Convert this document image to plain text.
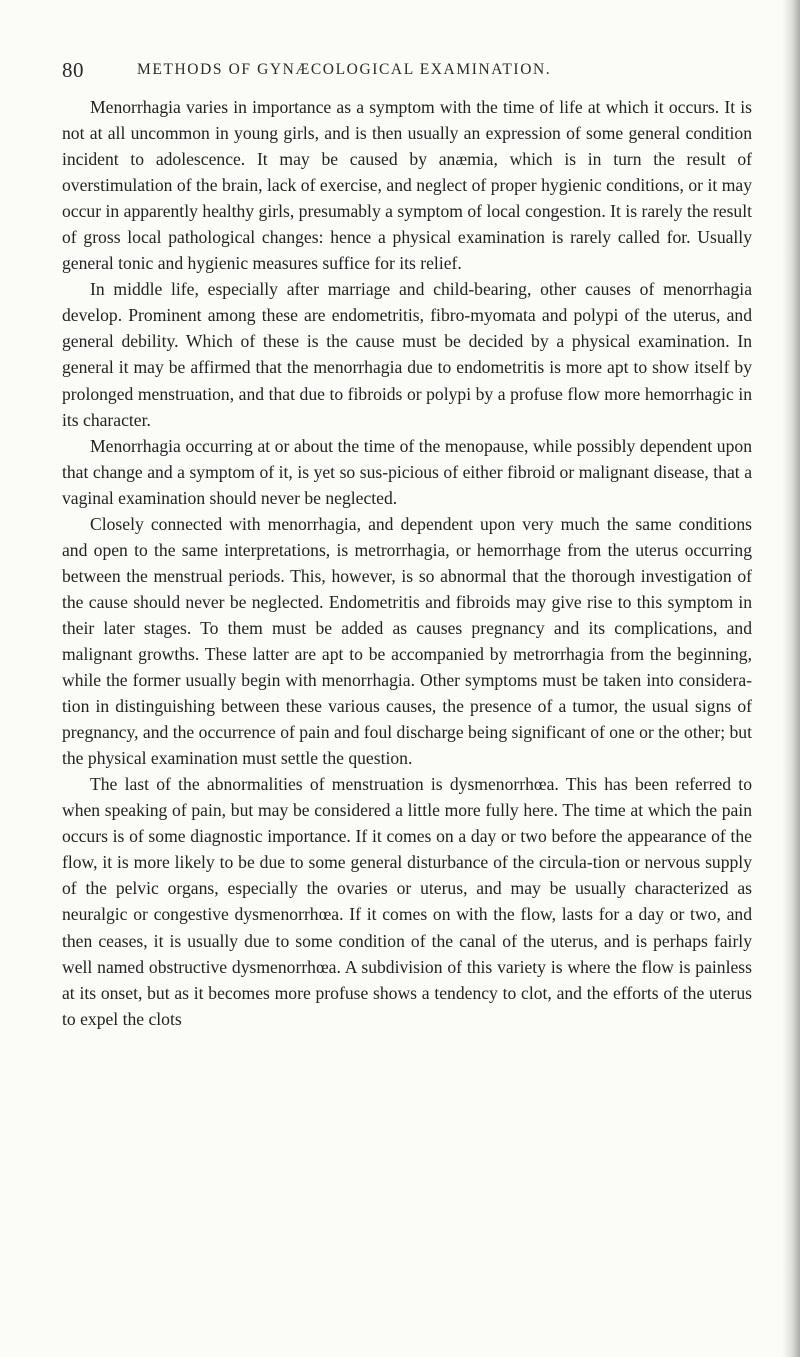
80	METHODS OF GYNÆCOLOGICAL EXAMINATION.

Menorrhagia varies in importance as a symptom with the time of life at which it occurs. It is not at all uncommon in young girls, and is then usually an expression of some general condition incident to adolescence. It may be caused by anæmia, which is in turn the result of overstimulation of the brain, lack of exercise, and neglect of proper hygienic conditions, or it may occur in apparently healthy girls, presumably a symptom of local congestion. It is rarely the result of gross local pathological changes: hence a physical examination is rarely called for. Usually general tonic and hygienic measures suffice for its relief.

In middle life, especially after marriage and child-bearing, other causes of menorrhagia develop. Prominent among these are endometritis, fibro-myomata and polypi of the uterus, and general debility. Which of these is the cause must be decided by a physical examination. In general it may be affirmed that the menorrhagia due to endometritis is more apt to show itself by prolonged menstruation, and that due to fibroids or polypi by a profuse flow more hemorrhagic in its character.

Menorrhagia occurring at or about the time of the menopause, while possibly dependent upon that change and a symptom of it, is yet so sus-picious of either fibroid or malignant disease, that a vaginal examination should never be neglected.

Closely connected with menorrhagia, and dependent upon very much the same conditions and open to the same interpretations, is metrorrhagia, or hemorrhage from the uterus occurring between the menstrual periods. This, however, is so abnormal that the thorough investigation of the cause should never be neglected. Endometritis and fibroids may give rise to this symptom in their later stages. To them must be added as causes pregnancy and its complications, and malignant growths. These latter are apt to be accompanied by metrorrhagia from the beginning, while the former usually begin with menorrhagia. Other symptoms must be taken into considera-tion in distinguishing between these various causes, the presence of a tumor, the usual signs of pregnancy, and the occurrence of pain and foul discharge being significant of one or the other; but the physical examination must settle the question.

The last of the abnormalities of menstruation is dysmenorrhœa. This has been referred to when speaking of pain, but may be considered a little more fully here. The time at which the pain occurs is of some diagnostic importance. If it comes on a day or two before the appearance of the flow, it is more likely to be due to some general disturbance of the circula-tion or nervous supply of the pelvic organs, especially the ovaries or uterus, and may be usually characterized as neuralgic or congestive dysmenorrhœa. If it comes on with the flow, lasts for a day or two, and then ceases, it is usually due to some condition of the canal of the uterus, and is perhaps fairly well named obstructive dysmenorrhœa. A subdivision of this variety is where the flow is painless at its onset, but as it becomes more profuse shows a tendency to clot, and the efforts of the uterus to expel the clots
